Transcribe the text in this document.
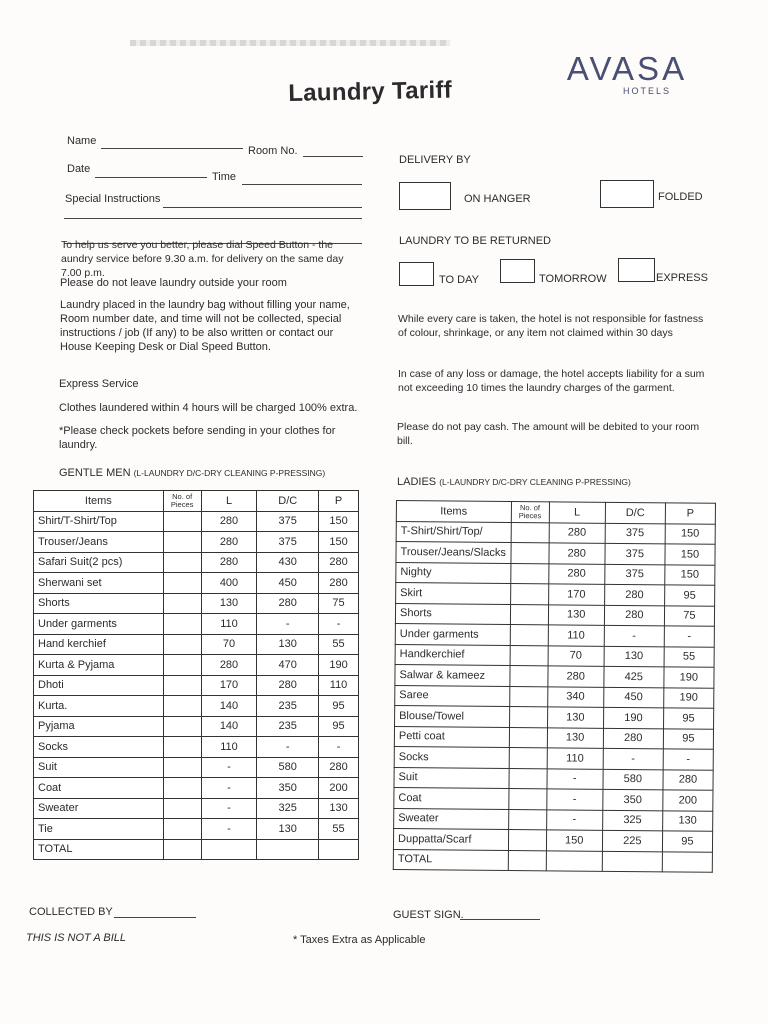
Laundry Tariff
AVASA
HOTELS
Name
Room No.
Date
Time
Special Instructions
To help us serve you better, please dial Speed Button - the aundry service before 9.30 a.m. for delivery on the same day 7.00 p.m.
Please do not leave laundry outside your room
Laundry placed in the laundry bag without filling your name, Room number date, and time will not be collected, special instructions / job (If any) to be also written or contact our House Keeping Desk or Dial Speed Button.
Express Service
Clothes laundered within 4 hours will be charged 100% extra.
*Please check pockets before sending in your clothes for laundry.
DELIVERY BY
ON HANGER	FOLDED
LAUNDRY TO BE RETURNED
TO DAY	TOMORROW	EXPRESS
While every care is taken, the hotel is not responsible for fastness of colour, shrinkage, or any item not claimed within 30 days
In case of any loss or damage, the hotel accepts liability for a sum not exceeding 10 times the laundry charges of the garment.
Please do not pay cash. The amount will be debited to your room bill.
GENTLE MEN (L-LAUNDRY D/C-DRY CLEANING P-PRESSING)
Items	No. of Pieces	L	D/C	P
Shirt/T-Shirt/Top		280	375	150
Trouser/Jeans		280	375	150
Safari Suit(2 pcs)		280	430	280
Sherwani set		400	450	280
Shorts		130	280	75
Under garments		110	-	-
Hand kerchief		70	130	55
Kurta & Pyjama		280	470	190
Dhoti		170	280	110
Kurta.		140	235	95
Pyjama		140	235	95
Socks		110	-	-
Suit		-	580	280
Coat		-	350	200
Sweater		-	325	130
Tie		-	130	55
TOTAL				
LADIES (L-LAUNDRY D/C-DRY CLEANING P-PRESSING)
Items	No. of Pieces	L	D/C	P
T-Shirt/Shirt/Top/		280	375	150
Trouser/Jeans/Slacks		280	375	150
Nighty		280	375	150
Skirt		170	280	95
Shorts		130	280	75
Under garments		110	-	-
Handkerchief		70	130	55
Salwar & kameez		280	425	190
Saree		340	450	190
Blouse/Towel		130	190	95
Petti coat		130	280	95
Socks		110	-	-
Suit		-	580	280
Coat		-	350	200
Sweater		-	325	130
Duppatta/Scarf		150	225	95
TOTAL				
COLLECTED BY	GUEST SIGN.
THIS IS NOT A BILL	* Taxes Extra as Applicable
